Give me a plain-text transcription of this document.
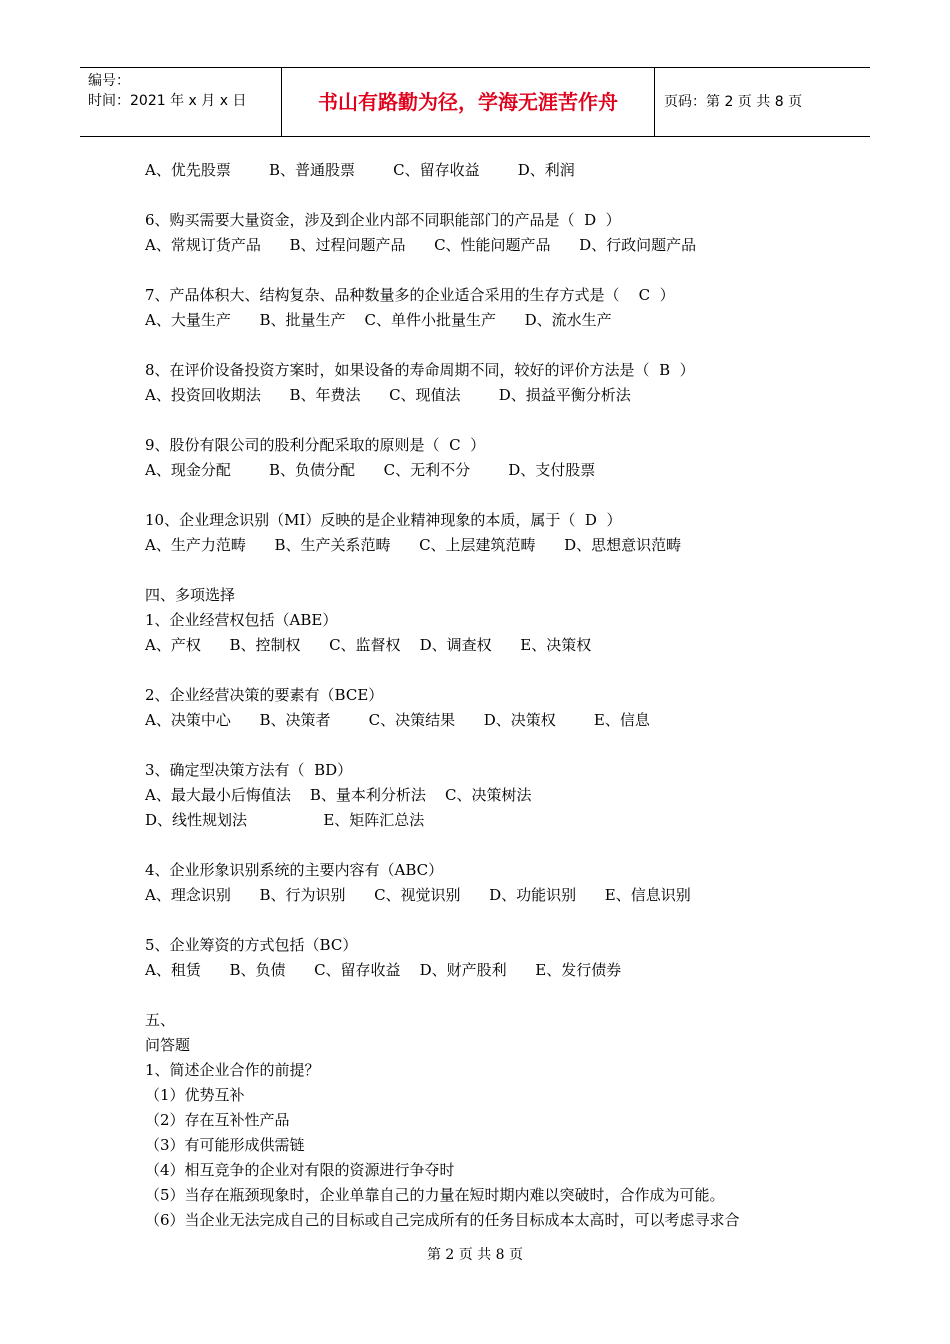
编号：
时间：2021 年 x 月 x 日	书山有路勤为径，学海无涯苦作舟	页码：第 2 页 共 8 页
A、优先股票        B、普通股票        C、留存收益        D、利润
6、购买需要大量资金，涉及到企业内部不同职能部门的产品是（  D  ）
A、常规订货产品      B、过程问题产品      C、性能问题产品      D、行政问题产品
7、产品体积大、结构复杂、品种数量多的企业适合采用的生存方式是（    C  ）
A、大量生产      B、批量生产    C、单件小批量生产      D、流水生产
8、在评价设备投资方案时，如果设备的寿命周期不同，较好的评价方法是（  B  ）
A、投资回收期法      B、年费法      C、现值法        D、损益平衡分析法
9、股份有限公司的股利分配采取的原则是（  C  ）
A、现金分配        B、负债分配      C、无利不分        D、支付股票
10、企业理念识别（MI）反映的是企业精神现象的本质，属于（  D  ）
A、生产力范畴      B、生产关系范畴      C、上层建筑范畴      D、思想意识范畴
四、多项选择
1、企业经营权包括（ABE）
A、产权      B、控制权      C、监督权    D、调查权      E、决策权
2、企业经营决策的要素有（BCE）
A、决策中心      B、决策者        C、决策结果      D、决策权        E、信息
3、确定型决策方法有（  BD）
A、最大最小后悔值法    B、量本利分析法    C、决策树法
D、线性规划法                E、矩阵汇总法
4、企业形象识别系统的主要内容有（ABC）
A、理念识别      B、行为识别      C、视觉识别      D、功能识别      E、信息识别
5、企业筹资的方式包括（BC）
A、租赁      B、负债      C、留存收益    D、财产股利      E、发行债券
五、
问答题
1、简述企业合作的前提？
（1）优势互补
（2）存在互补性产品
（3）有可能形成供需链
（4）相互竞争的企业对有限的资源进行争夺时
（5）当存在瓶颈现象时，企业单靠自己的力量在短时期内难以突破时，合作成为可能。
（6）当企业无法完成自己的目标或自己完成所有的任务目标成本太高时，可以考虑寻求合
第 2 页 共 8 页
